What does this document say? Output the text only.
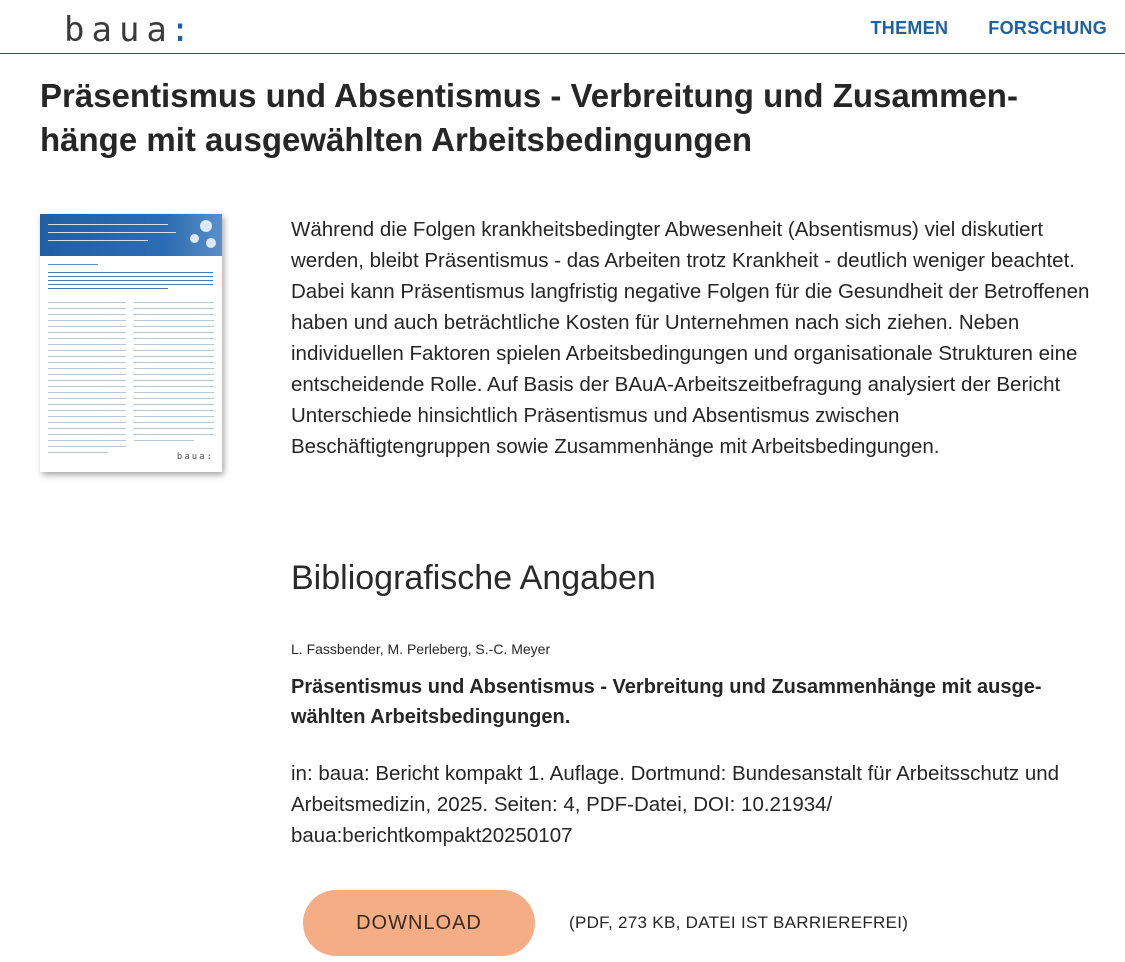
baua
:	THEMEN FORSCHUNG
Präsentismus und Absentismus - Verbreitung und Zusammenhänge mit ausgewählten Arbeitsbedingungen
baua:

Während die Folgen krankheitsbedingter Abwesenheit (Absentismus) viel diskutiert werden, bleibt Präsentismus - das Arbeiten trotz Krankheit - deutlich weniger beachtet. Dabei kann Präsentismus langfristig negative Folgen für die Gesundheit der Betroffenen haben und auch beträchtliche Kosten für Unternehmen nach sich ziehen. Neben individuellen Faktoren spielen Arbeitsbedingungen und organisationale Strukturen eine entscheidende Rolle. Auf Basis der BAuA-Arbeitszeitbefragung analysiert der Bericht Unterschiede hinsichtlich Präsentismus und Absentismus zwischen Beschäftigtengruppen sowie Zusammenhänge mit Arbeitsbedingungen.

Bibliografische Angaben

L. Fassbender, M. Perleberg, S.-C. Meyer

Präsentismus und Absentismus - Verbreitung und Zusammenhänge mit ausgewählten Arbeitsbedingungen.

in: baua: Bericht kompakt 1. Auflage. Dortmund: Bundesanstalt für Arbeitsschutz und Arbeitsmedizin, 2025. Seiten: 4, PDF-Datei, DOI: 10.21934/ baua:berichtkompakt20250107

DOWNLOAD	(PDF, 273 KB, DATEI IST BARRIEREFREI)
